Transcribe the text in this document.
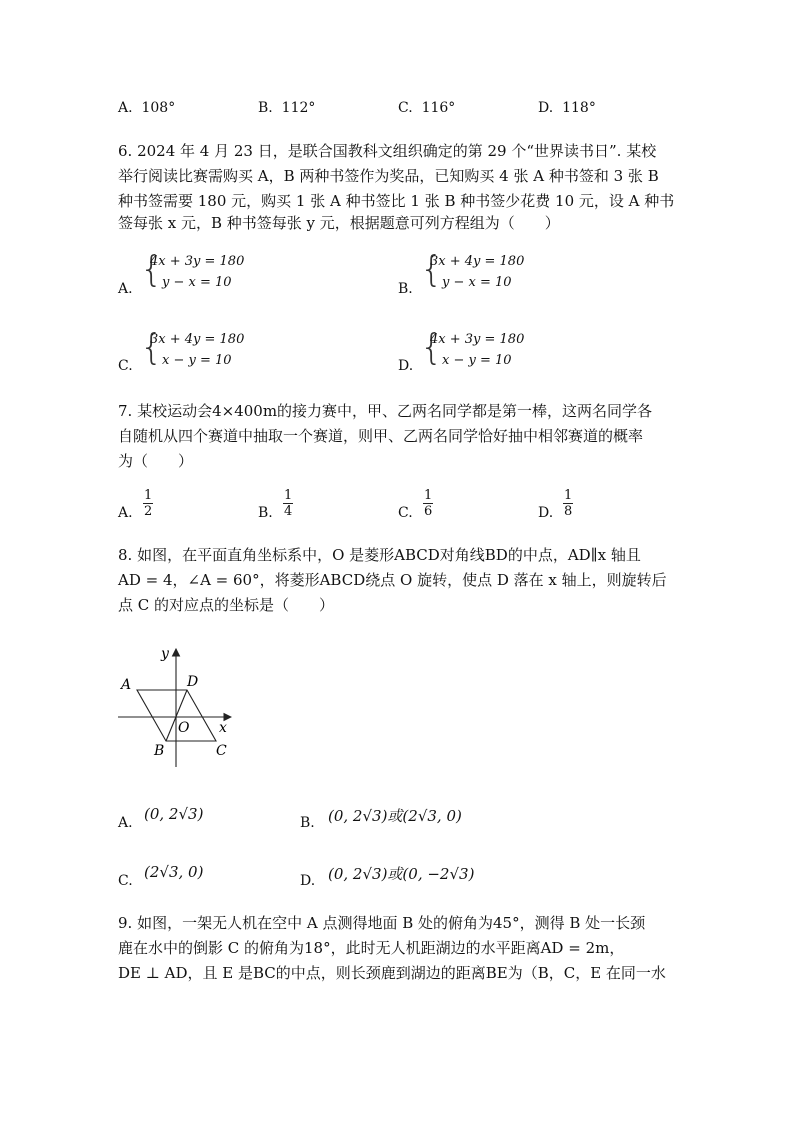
A. 108°	B. 112°	C. 116°	D. 118°
6. 2024 年 4 月 23 日，是联合国教科文组织确定的第 29 个“世界读书日”. 某校
举行阅读比赛需购买 A，B 两种书签作为奖品，已知购买 4 张 A 种书签和 3 张 B
种书签需要 180 元，购买 1 张 A 种书签比 1 张 B 种书签少花费 10 元，设 A 种书
签每张 x 元，B 种书签每张 y 元，根据题意可列方程组为（　　）
A. {
4x + 3y = 180
y − x = 10	B. {
3x + 4y = 180
y − x = 10
C. {
3x + 4y = 180
x − y = 10	D. {
4x + 3y = 180
x − y = 10
7. 某校运动会4×400m的接力赛中，甲、乙两名同学都是第一棒，这两名同学各
自随机从四个赛道中抽取一个赛道，则甲、乙两名同学恰好抽中相邻赛道的概率
为（　　）
A. $\frac{1}{2}$	B. $\frac{1}{4}$	C. $\frac{1}{6}$	D. $\frac{1}{8}$
8. 如图，在平面直角坐标系中，O 是菱形ABCD对角线BD的中点，AD∥x 轴且
AD = 4，∠A = 60°，将菱形ABCD绕点 O 旋转，使点 D 落在 x 轴上，则旋转后
点 C 的对应点的坐标是（　　）
y
x
A	D
O
B	C
A. (0, 2√3)	B. (0, 2√3)或(2√3, 0)
C. (2√3, 0)	D. (0, 2√3)或(0, −2√3)
9. 如图，一架无人机在空中 A 点测得地面 B 处的俯角为45°，测得 B 处一长颈
鹿在水中的倒影 C 的俯角为18°，此时无人机距湖边的水平距离AD = 2m，
DE ⊥ AD，且 E 是BC的中点，则长颈鹿到湖边的距离BE为（B，C，E 在同一水
